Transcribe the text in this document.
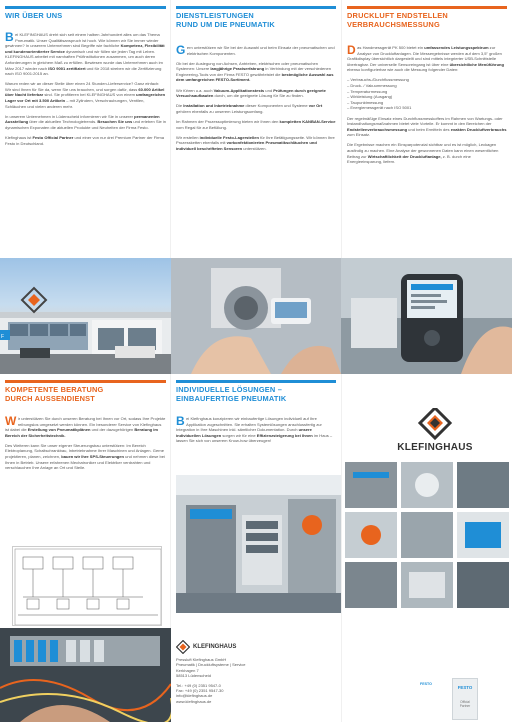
WIR ÜBER UNS

Bei KLEFINGHAUS dreht sich seit einem halben Jahrhundert alles um das Thema Pneumatik. Unser Qualitätsanspruch ist hoch. Wie können wir Sie immer wieder gewinnen? In unserem Unternehmen sind Begriffe wie fachliche Kompetenz, Flexibilität und kundenorientierter Service dynamisch und wir füllen sie jeden Tag mit Leben. KLEFINGHAUS arbeitet mit namhaften Prüfinstitutionen zusammen, um auch deren Anforderungen in gleichem Maß zu erfüllen. Bewiesen wurde das Unternehmen auch im März 2017 wieder nach ISO 9001 zertifiziert und für 2018 streben wir die Zertifizierung nach ISO 9001:2015 an.

Warum reden wir an dieser Stelle über einen 24 Stunden-Lieferservice? Ganz einfach: Wir sind Ihnen für Sie da, wenn Sie uns brauchen, und sorgen dafür, dass 60.000 Artikel über Nacht lieferbar sind. Sie profitieren bei KLEFINGHAUS von einem umfangreichen Lager vor Ort mit 3.500 Artikeln – mit Zylindern, Verschraubungen, Ventilen, Schläuchen und vielen anderen mehr.

In unserem Unternehmen in Lüdenscheid informieren wir Sie in unserer permanenten Ausstellung über die aktuellen Technologietrends. Besuchen Sie uns und erleben Sie in dynamischen Exponaten die aktuellen Produkte und Neuheiten der Firma Festo.

Klefinghaus ist Festo Official Partner und einer von nur drei Premium Partner der Firma Festo in Deutschland.

F
DIENSTLEISTUNGEN
RUND UM DIE PNEUMATIK

Gern unterstützen wir Sie bei der Auswahl und beim Einsatz der pneumatischen und elektrischen Komponenten.

Ob bei der Auslegung von Achsen, Antrieben, elektrischen oder pneumatischen Systemen: Unsere langjährige Praxiserfahrung in Verbindung mit der verschiedenen Engineering-Tools von der Firma FESTO gewährleistet die bestmögliche Auswahl aus dem umfangreichen FESTO-Sortiment.

Wir führen u.a. auch Vakuum-Applikationstests und Prüfungen durch geeignete Versuchsaufbauten durch, um die geeignete Lösung für Sie zu finden.

Die Installation und Inbetriebnahme dieser Komponenten und Systeme vor Ort gehören ebenfalls zu unserem Leistungsumfang.

Im Rahmen der Prozessoptimierung bieten wir Ihnen den kompletten KANBAN-Service vom Regal für zur Befüllung.

Wir erstellen individuelle Festo-Lagerstellen für Ihre Betätigungsseite. Wir können Ihre Prozessketten ebenfalls mit vorkonfektionierten Pneumatikschläuchen und individuell beschrifteten Sensoren unterstützen.

DRUCKLUFT ENDSTELLEN
VERBRAUCHSMESSUNG

Das Handmessgerät PK 500 bietet ein umfassendes Leistungsspektrum zur Analyse von Druckluftanlagen. Die Messergebnisse werden auf dem 3,5" großen Grafikdisplay übersichtlich dargestellt und sind mittels integrierter USB-Schnittstelle übertragbar. Der universelle Sensoreingang ist über eine übersichtliche Menüführung ebenso konfigurierbar wie auch die Messung folgender Daten:

– Verbrauchs-/Durchflussmessung
– Druck- / Vakuummessung
– Temperaturmessung
– Wirkleistung (Ausgang)
– Taupunktmessung
– Energiemessgerät nach ISO 5001

Der regelmäßige Einsatz eines Durchflussmesskoffers im Rahmen von Wartungs- oder Instandhaltungsmaßnahmen bietet viele Vorteile. Er kommt in den Bereichen der Endstellenverbrauchsmessung und beim Ermitteln des exakten Druckluftverbrauchs zum Einsatz.

Die Ergebnisse machen ein Einsparpotenzial sichtbar und es ist möglich, Leckagen ausfindig zu machen. Eine Analyse der gewonnenen Daten kann einen wesentlichen Beitrag zur Wirtschaftlichkeit der Druckluftanlage, z. B. durch eine Energieeinsparung, liefern.

KOMPETENTE BERATUNG
DURCH AUSSENDIENST

Wir unterstützen Sie durch unseren Beratung bei Ihnen vor Ort, sodass Ihre Projekte reibungslos umgesetzt werden können. Ein besonderer Service von Klefinghaus ist dabei die Erstellung von Pneumatikplänen und der dazugehörigen Beratung im Bereich der Sicherheitstechnik.

Des Weiteren kann Sie unser eigener Steuerungsbau unterstützen: Im Bereich Elektroplanung, Schaltschrankbau, Inbetriebnahme Ihrer Maschinen und Anlagen. Gerne projektieren, planen, zeichnen, bauen wir Ihre SPS-Steuerungen und nehmen diese bei Ihnen in Betrieb. Unsere erfahrenen Mechatroniker und Elektriker verdrahten und verschlauchen Ihre Anlage an Ort und Stelle.

INDIVIDUELLE LÖSUNGEN –
EINBAUFERTIGE PNEUMATIK

Bei Klefinghaus konzipieren wir einbaufertige Lösungen individuell auf Ihre Applikation zugeschnitten. Sie erhalten Systemlösungen anschlussfertig zur Integration in Ihre Maschinen inkl. sämtlicher Dokumentation. Durch unsere individuellen Lösungen sorgen wir für eine Effizienzsteigerung bei Ihnen im Haus – lassen Sie sich von unserem Know-how überzeugen!

KLEFINGHAUS
Pressluft Klefinghaus GmbH
Pneumatik | Druckluftsysteme | Service
Kerkhagen 7
58513 Lüdenscheid
Tel.: +49 (0) 2351 9547-0
Fax: +49 (0) 2351 9547-30
info@klefinghaus.de
www.klefinghaus.de
KLEFINGHAUS
FESTO
Official
Partner
FESTO
